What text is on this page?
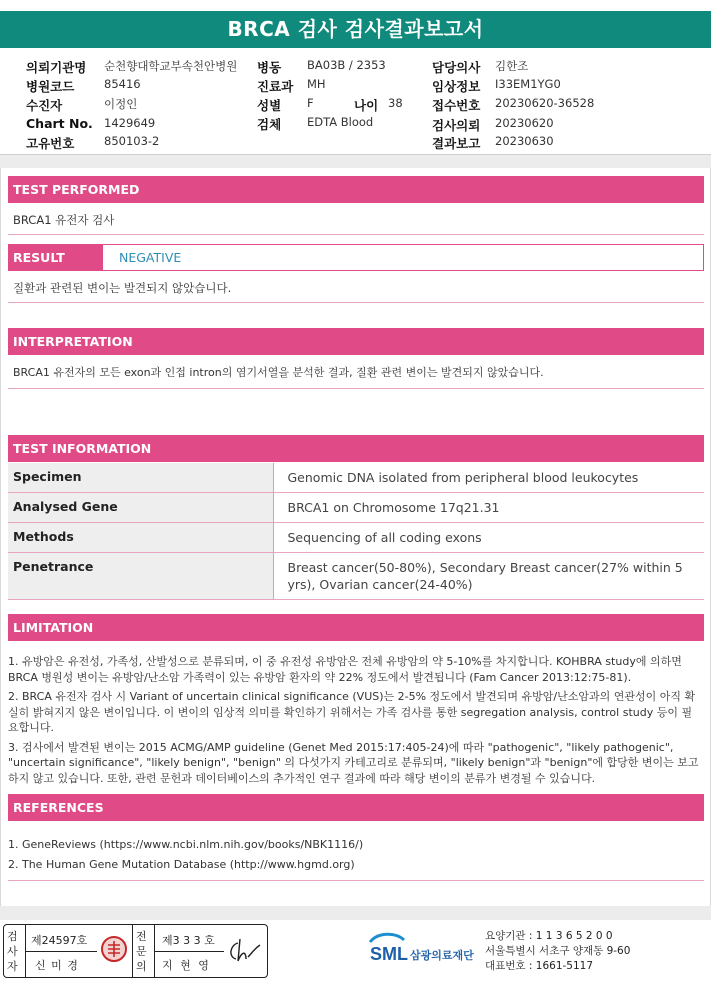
BRCA 검사 검사결과보고서
의뢰기관명 순천향대학교부속천안병원
병원코드	85416
수진자	이정인
Chart No. 1429649
고유번호	850103-2
병동 BA03B / 2353
진료과 MH
성별 F	나이 38
검체 EDTA Blood
담당의사 김한조
임상정보 I33EM1YG0
접수번호 20230620-36528
검사의뢰 20230620
결과보고 20230630
TEST PERFORMED
BRCA1 유전자 검사
RESULT	NEGATIVE
질환과 관련된 변이는 발견되지 않았습니다.
INTERPRETATION
BRCA1 유전자의 모든 exon과 인접 intron의 염기서열을 분석한 결과, 질환 관련 변이는 발견되지 않았습니다.
TEST INFORMATION
Specimen	Genomic DNA isolated from peripheral blood leukocytes
Analysed Gene	BRCA1 on Chromosome 17q21.31
Methods	Sequencing of all coding exons
Penetrance	Breast cancer(50-80%), Secondary Breast cancer(27% within 5 yrs), Ovarian cancer(24-40%)
LIMITATION
1. 유방암은 유전성, 가족성, 산발성으로 분류되며, 이 중 유전성 유방암은 전체 유방암의 약 5-10%를 차지합니다. KOHBRA study에 의하면 BRCA 병원성 변이는 유방암/난소암 가족력이 있는 유방암 환자의 약 22% 정도에서 발견됩니다 (Fam Cancer 2013:12:75-81).
2. BRCA 유전자 검사 시 Variant of uncertain clinical significance (VUS)는 2-5% 정도에서 발견되며 유방암/난소암과의 연관성이 아직 확실히 밝혀지지 않은 변이입니다. 이 변이의 임상적 의미를 확인하기 위해서는 가족 검사를 통한 segregation analysis, control study 등이 필요합니다.
3. 검사에서 발견된 변이는 2015 ACMG/AMP guideline (Genet Med 2015:17:405-24)에 따라 "pathogenic", "likely pathogenic", "uncertain significance", "likely benign", "benign" 의 다섯가지 카테고리로 분류되며, "likely benign"과 "benign"에 합당한 변이는 보고하지 않고 있습니다. 또한, 관련 문헌과 데이터베이스의 추가적인 연구 결과에 따라 해당 변이의 분류가 변경될 수 있습니다.
REFERENCES
1. GeneReviews (https://www.ncbi.nlm.nih.gov/books/NBK1116/)
2. The Human Gene Mutation Database (http://www.hgmd.org)
검사자
제24597호
신 미 경
전문의
제3 3 3 호
지 현 영
SML 삼광의료재단
요양기관 : 1 1 3 6 5 2 0 0
서울특별시 서초구 양재동 9-60
대표번호 : 1661-5117
